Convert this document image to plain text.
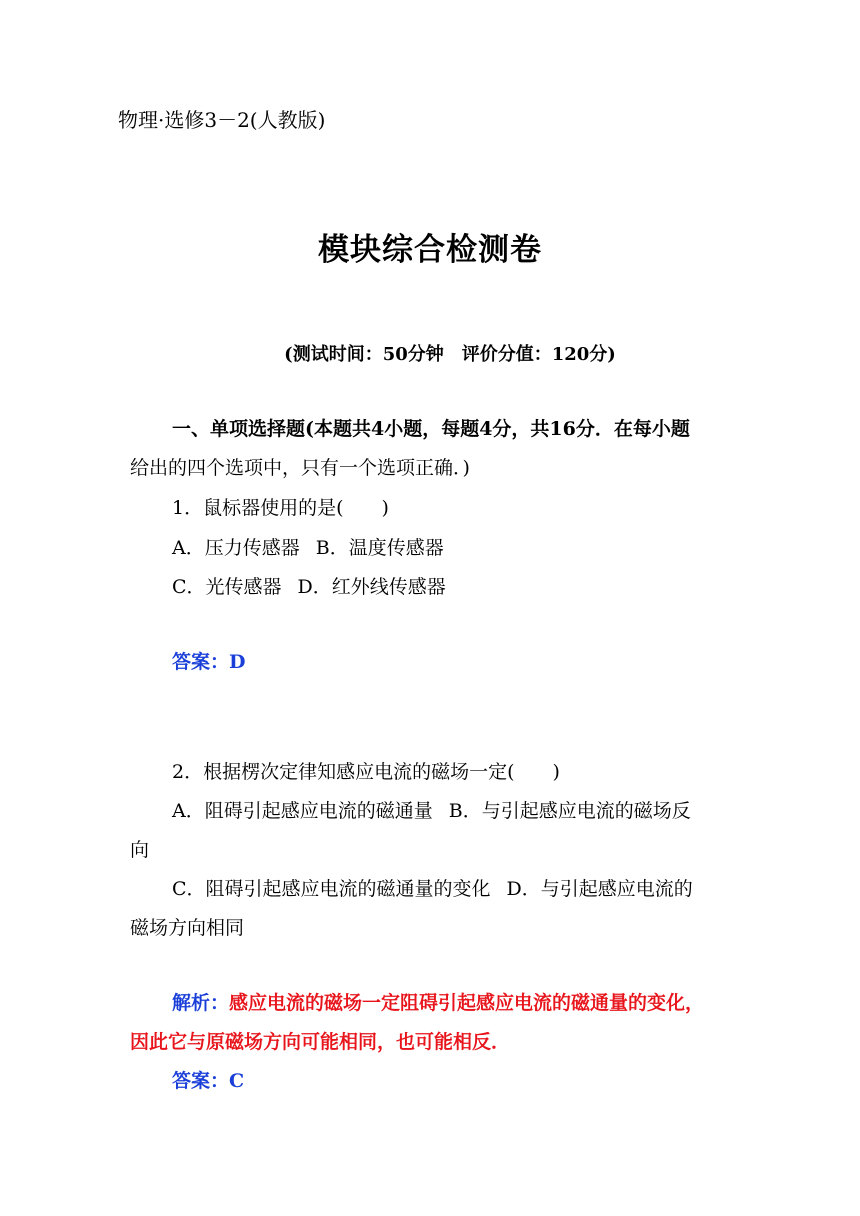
物理·选修3－2(人教版)
模块综合检测卷
(测试时间：50分钟　评价分值：120分)
一、单项选择题(本题共4小题，每题4分，共16分．在每小题
给出的四个选项中，只有一个选项正确．)
1．鼠标器使用的是(　　)
A．压力传感器 B．温度传感器
C．光传感器 D．红外线传感器
答案：D
2．根据楞次定律知感应电流的磁场一定(　　)
A．阻碍引起感应电流的磁通量 B．与引起感应电流的磁场反
向
C．阻碍引起感应电流的磁通量的变化 D．与引起感应电流的
磁场方向相同
解析：感应电流的磁场一定阻碍引起感应电流的磁通量的变化，
因此它与原磁场方向可能相同，也可能相反．
答案：C
